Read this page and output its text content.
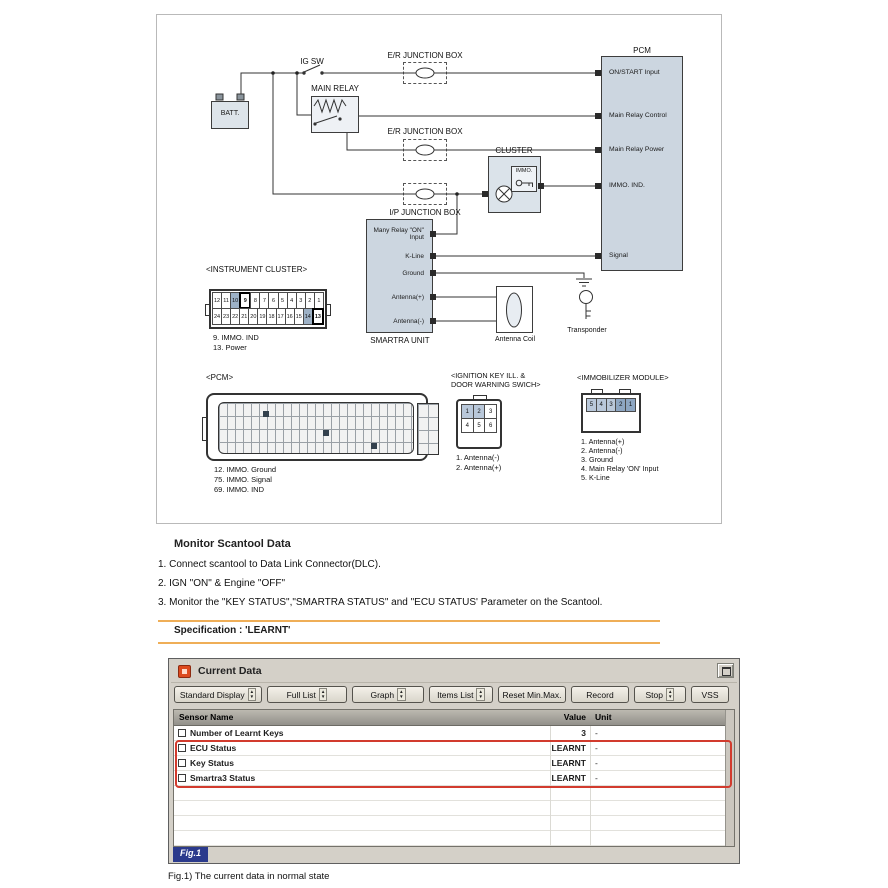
BATT.
MAIN RELAY
IG SW
E/R JUNCTION BOX
E/R JUNCTION BOX
I/P JUNCTION BOX
CLUSTER
IMMO.
PCM
ON/START Input
Main Relay Control
Main Relay Power
IMMO. IND.
Signal
Many Relay "ON" Input
K-Line
Ground
Antenna(+)
Antenna(-)
SMARTRA UNIT	Antenna Coil
Transponder
<INSTRUMENT CLUSTER>
12 11 10 9	8	7	6	5	4	3	2	1
24 23 22 21 20 19 18 17 16 15 14 13
9. IMMO. IND
13. Power
<PCM>
12. IMMO. Ground
75. IMMO. Signal
69. IMMO. IND
<IGNITION KEY ILL. &
DOOR WARNING SWICH>
1	2	3
4	5	6
1. Antenna(-)
2. Antenna(+)
<IMMOBILIZER MODULE>
5	4	3	2	1
1. Antenna(+)
2. Antenna(-)
3. Ground
4. Main Relay 'ON' Input
5. K-Line
Monitor Scantool Data
1. Connect scantool to Data Link Connector(DLC).
2. IGN "ON" & Engine "OFF"
3. Monitor the "KEY STATUS","SMARTRA STATUS" and "ECU STATUS' Parameter on the Scantool.
Specification : 'LEARNT'
Current Data
Standard Display ▲
▼	Full List ▲
▼	Graph ▲
▼	Items List ▲
▼ Reset Min.Max.	Record	Stop ▲
▼	VSS
Sensor Name	Value Unit
Number of Learnt Keys	3 -
ECU Status	LEARNT -
Key Status	LEARNT -
Smartra3 Status	LEARNT -
Fig.1
Fig.1) The current data in normal state
